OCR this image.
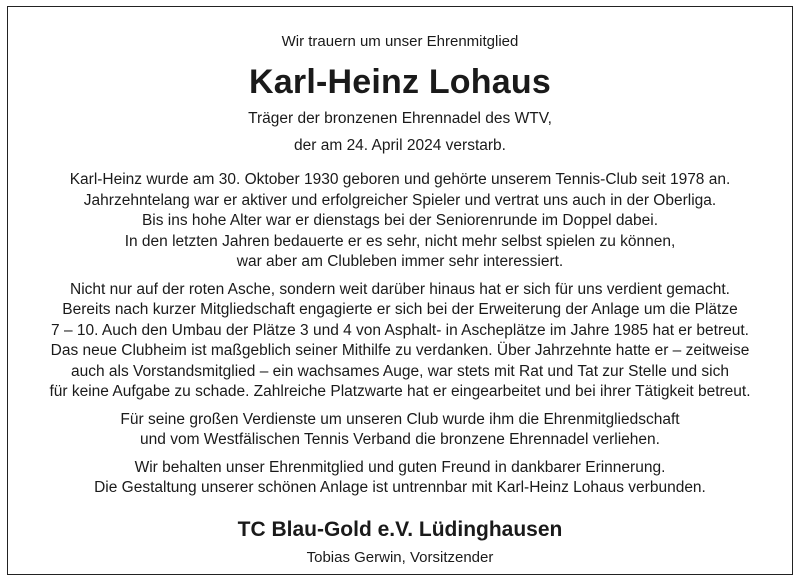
Wir trauern um unser Ehrenmitglied
Karl-Heinz Lohaus
Träger der bronzenen Ehrennadel des WTV,
der am 24. April 2024 verstarb.

Karl-Heinz wurde am 30. Oktober 1930 geboren und gehörte unserem Tennis-Club seit 1978 an.
Jahrzehntelang war er aktiver und erfolgreicher Spieler und vertrat uns auch in der Oberliga.
Bis ins hohe Alter war er dienstags bei der Seniorenrunde im Doppel dabei.
In den letzten Jahren bedauerte er es sehr, nicht mehr selbst spielen zu können,
war aber am Clubleben immer sehr interessiert.

Nicht nur auf der roten Asche, sondern weit darüber hinaus hat er sich für uns verdient gemacht.
Bereits nach kurzer Mitgliedschaft engagierte er sich bei der Erweiterung der Anlage um die Plätze
7 – 10. Auch den Umbau der Plätze 3 und 4 von Asphalt- in Ascheplätze im Jahre 1985 hat er betreut.
Das neue Clubheim ist maßgeblich seiner Mithilfe zu verdanken. Über Jahrzehnte hatte er – zeitweise
auch als Vorstandsmitglied – ein wachsames Auge, war stets mit Rat und Tat zur Stelle und sich
für keine Aufgabe zu schade. Zahlreiche Platzwarte hat er eingearbeitet und bei ihrer Tätigkeit betreut.

Für seine großen Verdienste um unseren Club wurde ihm die Ehrenmitgliedschaft
und vom Westfälischen Tennis Verband die bronzene Ehrennadel verliehen.

Wir behalten unser Ehrenmitglied und guten Freund in dankbarer Erinnerung.
Die Gestaltung unserer schönen Anlage ist untrennbar mit Karl-Heinz Lohaus verbunden.

TC Blau-Gold e.V. Lüdinghausen
Tobias Gerwin, Vorsitzender
